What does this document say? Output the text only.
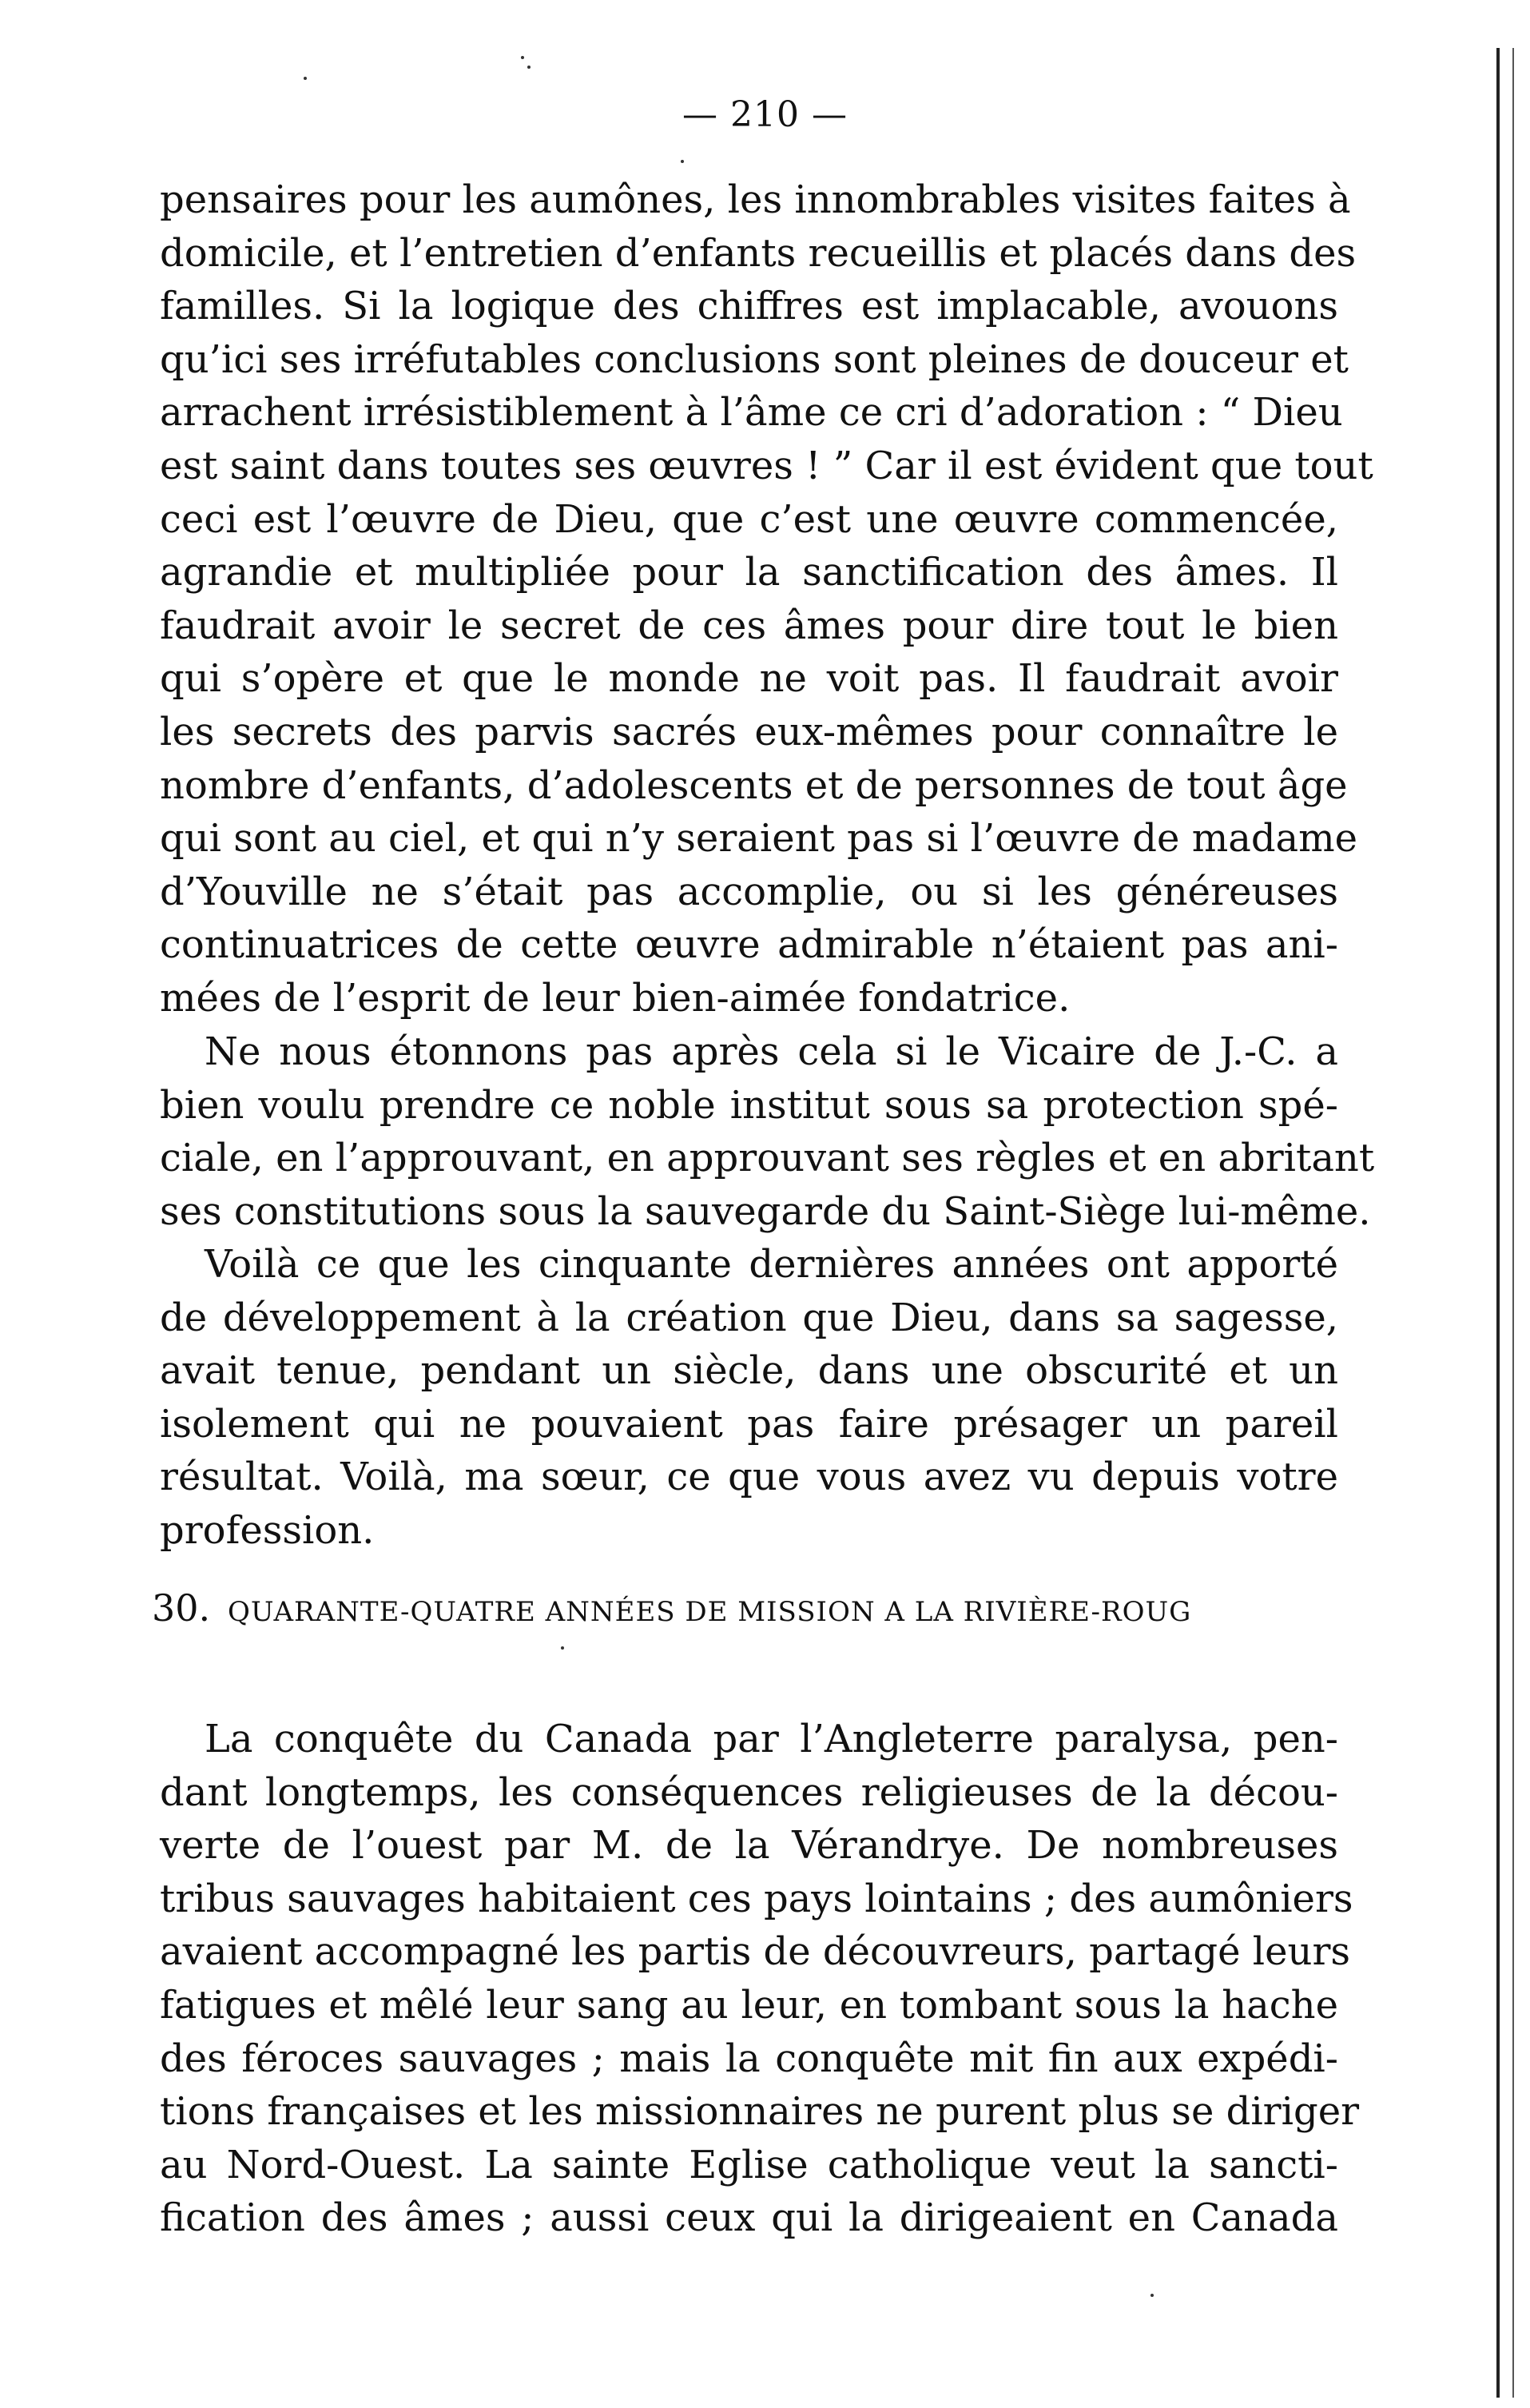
— 210 —
pensaires pour les aumônes, les innombrables visites faites à
domicile, et l’entretien d’enfants recueillis et placés dans des
familles. Si la logique des chiffres est implacable, avouons
qu’ici ses irréfutables conclusions sont pleines de douceur et
arrachent irrésistiblement à l’âme ce cri d’adoration : “ Dieu
est saint dans toutes ses œuvres ! ” Car il est évident que tout
ceci est l’œuvre de Dieu, que c’est une œuvre commencée,
agrandie et multipliée pour la sanctification des âmes. Il
faudrait avoir le secret de ces âmes pour dire tout le bien
qui s’opère et que le monde ne voit pas. Il faudrait avoir
les secrets des parvis sacrés eux-mêmes pour connaître le
nombre d’enfants, d’adolescents et de personnes de tout âge
qui sont au ciel, et qui n’y seraient pas si l’œuvre de madame
d’Youville ne s’était pas accomplie, ou si les généreuses
continuatrices de cette œuvre admirable n’étaient pas ani-
mées de l’esprit de leur bien-aimée fondatrice.
Ne nous étonnons pas après cela si le Vicaire de J.-C. a
bien voulu prendre ce noble institut sous sa protection spé-
ciale, en l’approuvant, en approuvant ses règles et en abritant
ses constitutions sous la sauvegarde du Saint-Siège lui-même.
Voilà ce que les cinquante dernières années ont apporté
de développement à la création que Dieu, dans sa sagesse,
avait tenue, pendant un siècle, dans une obscurité et un
isolement qui ne pouvaient pas faire présager un pareil
résultat. Voilà, ma sœur, ce que vous avez vu depuis votre
profession.
30. QUARANTE-QUATRE ANNÉES DE MISSION A LA RIVIÈRE-ROUG
La conquête du Canada par l’Angleterre paralysa, pen-
dant longtemps, les conséquences religieuses de la décou-
verte de l’ouest par M. de la Vérandrye. De nombreuses
tribus sauvages habitaient ces pays lointains ; des aumôniers
avaient accompagné les partis de découvreurs, partagé leurs
fatigues et mêlé leur sang au leur, en tombant sous la hache
des féroces sauvages ; mais la conquête mit fin aux expédi-
tions françaises et les missionnaires ne purent plus se diriger
au Nord-Ouest. La sainte Eglise catholique veut la sancti-
fication des âmes ; aussi ceux qui la dirigeaient en Canada
